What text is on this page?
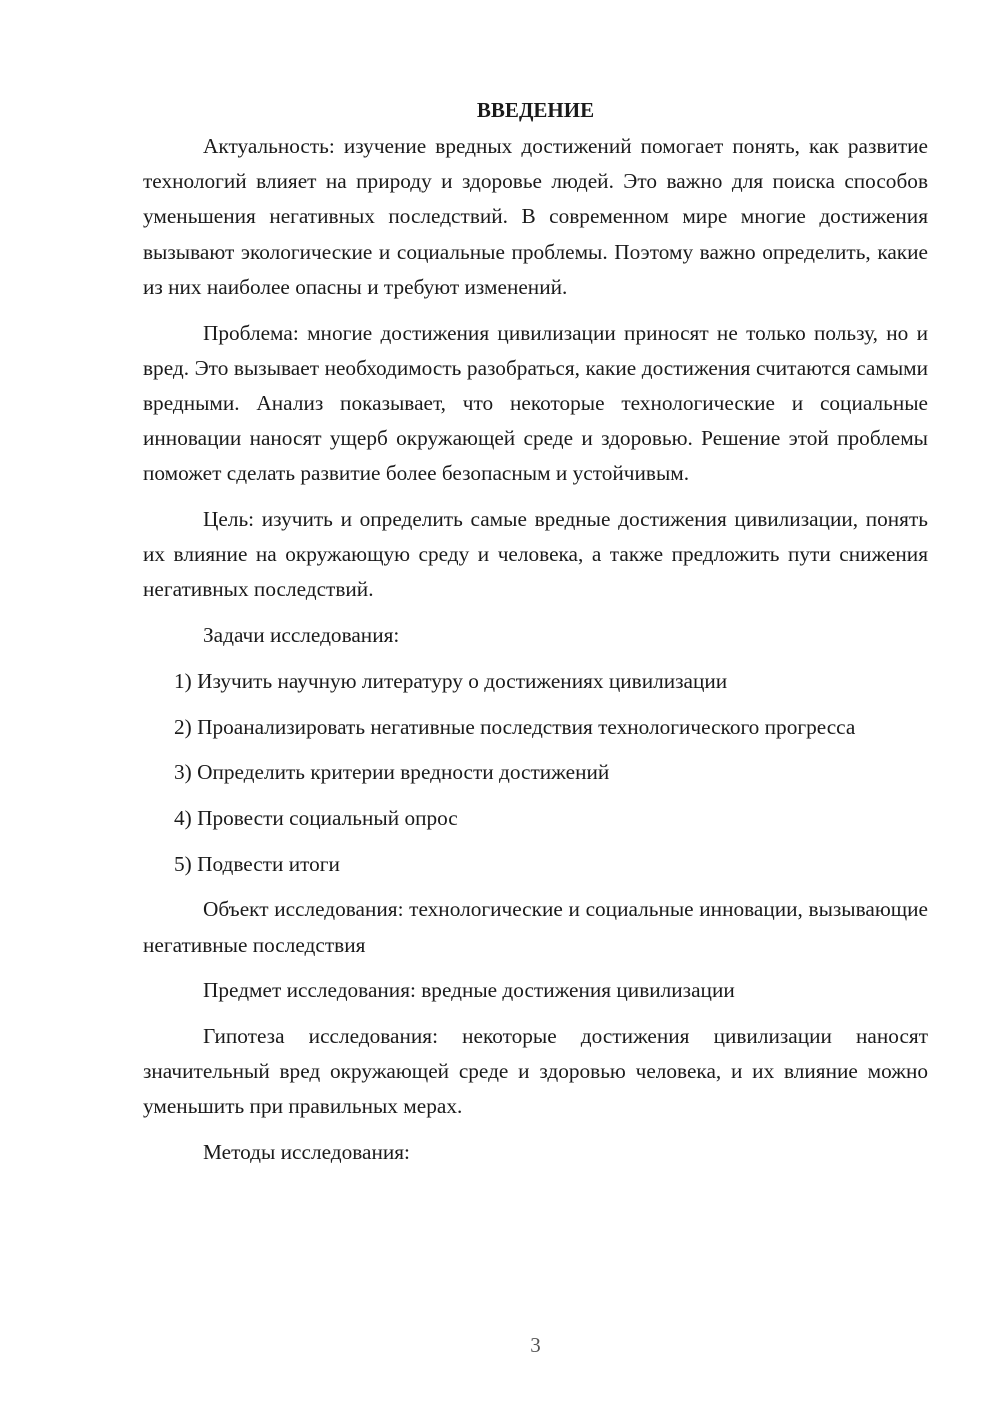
ВВЕДЕНИЕ

Актуальность: изучение вредных достижений помогает понять, как развитие технологий влияет на природу и здоровье людей. Это важно для поиска способов уменьшения негативных последствий. В современном мире многие достижения вызывают экологические и социальные проблемы. Поэтому важно определить, какие из них наиболее опасны и требуют изменений.

Проблема: многие достижения цивилизации приносят не только пользу, но и вред. Это вызывает необходимость разобраться, какие достижения считаются самыми вредными. Анализ показывает, что некоторые технологические и социальные инновации наносят ущерб окружающей среде и здоровью. Решение этой проблемы поможет сделать развитие более безопасным и устойчивым.

Цель: изучить и определить самые вредные достижения цивилизации, понять их влияние на окружающую среду и человека, а также предложить пути снижения негативных последствий.

Задачи исследования:

1) Изучить научную литературу о достижениях цивилизации

2) Проанализировать негативные последствия технологического прогресса

3) Определить критерии вредности достижений

4) Провести социальный опрос

5) Подвести итоги

Объект исследования: технологические и социальные инновации, вызывающие негативные последствия

Предмет исследования: вредные достижения цивилизации

Гипотеза исследования: некоторые достижения цивилизации наносят значительный вред окружающей среде и здоровью человека, и их влияние можно уменьшить при правильных мерах.

Методы исследования:

3
